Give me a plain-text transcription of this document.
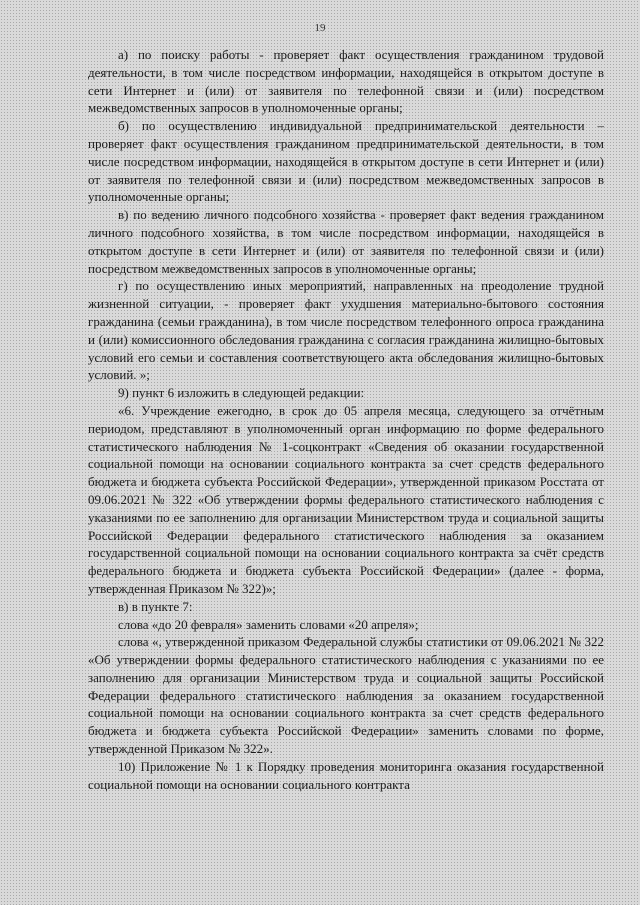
19

а) по поиску работы - проверяет факт осуществления гражданином трудовой деятельности, в том числе посредством информации, находящейся в открытом доступе в сети Интернет и (или) от заявителя по телефонной связи и (или) посредством межведомственных запросов в уполномоченные органы;

б) по осуществлению индивидуальной предпринимательской деятельности – проверяет факт осуществления гражданином предпринимательской деятельности, в том числе посредством информации, находящейся в открытом доступе в сети Интернет и (или) от заявителя по телефонной связи и (или) посредством межведомственных запросов в уполномоченные органы;

в) по ведению личного подсобного хозяйства - проверяет факт ведения гражданином личного подсобного хозяйства, в том числе посредством информации, находящейся в открытом доступе в сети Интернет и (или) от заявителя по телефонной связи и (или) посредством межведомственных запросов в уполномоченные органы;

г) по осуществлению иных мероприятий, направленных на преодоление трудной жизненной ситуации, - проверяет факт ухудшения материально-бытового состояния гражданина (семьи гражданина), в том числе посредством телефонного опроса гражданина и (или) комиссионного обследования гражданина с согласия гражданина жилищно-бытовых условий его семьи и составления соответствующего акта обследования жилищно-бытовых условий. »;

9) пункт 6 изложить в следующей редакции:

«6. Учреждение ежегодно, в срок до 05 апреля месяца, следующего за отчётным периодом, представляют в уполномоченный орган информацию по форме федерального статистического наблюдения № 1-соцконтракт «Сведения об оказании государственной социальной помощи на основании социального контракта за счет средств федерального бюджета и бюджета субъекта Российской Федерации», утвержденной приказом Росстата от 09.06.2021 № 322 «Об утверждении формы федерального статистического наблюдения с указаниями по ее заполнению для организации Министерством труда и социальной защиты Российской Федерации федерального статистического наблюдения за оказанием государственной социальной помощи на основании социального контракта за счёт средств федерального бюджета и бюджета субъекта Российской Федерации» (далее - форма, утвержденная Приказом № 322)»;

в) в пункте 7:

слова «до 20 февраля» заменить словами «20 апреля»;

слова «, утвержденной приказом Федеральной службы статистики от 09.06.2021 № 322 «Об утверждении формы федерального статистического наблюдения с указаниями по ее заполнению для организации Министерством труда и социальной защиты Российской Федерации федерального статистического наблюдения за оказанием государственной социальной помощи на основании социального контракта за счет средств федерального бюджета и бюджета субъекта Российской Федерации» заменить словами по форме, утвержденной Приказом № 322».

10) Приложение № 1 к Порядку проведения мониторинга оказания государственной социальной помощи на основании социального контракта
